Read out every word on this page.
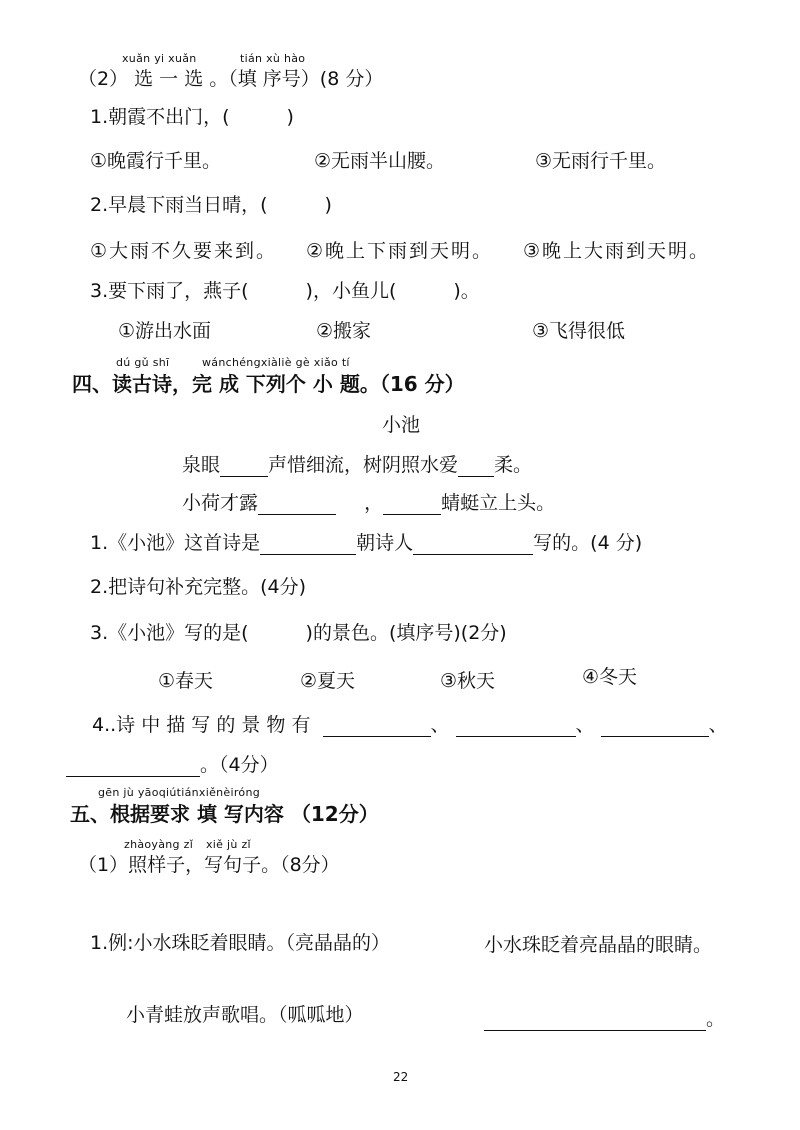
xuǎn yi xuǎn	tián xù hào
（2） 选 一 选 。（填 序号）(8 分）
1.朝霞不出门，(　　　)
①晚霞行千里。	②无雨半山腰。	③无雨行千里。
2.早晨下雨当日晴，(　　　)
①大雨不久要来到。 ②晚上下雨到天明。 ③晚上大雨到天明。
3.要下雨了，燕子(　　　)，小鱼儿(　　　)。
①游出水面	②搬家	③飞得很低
dú gǔ shī	wánchéngxiàliè gè xiǎo tí
四、读古诗，完 成 下列个 小 题。（16 分）
小池
泉眼	声惜细流，树阴照水爱 柔。
小荷才露	，	蜻蜓立上头。
1.《小池》这首诗是	朝诗人	写的。(4 分)
2.把诗句补充完整。(4分)
3.《小池》写的是(　　　)的景色。(填序号)(2分)
①春天	②夏天	③秋天	④冬天
4..诗 中 描 写 的 景 物 有	、	、	、
。（4分）
gēn jù yāoqiútiánxiěnèiróng
五、根据要求 填 写内容 （12分）
zhàoyàng zǐ xiě jù zǐ
（1）照样子，写句子。（8分）
1.例:小水珠眨着眼睛。（亮晶晶的）	小水珠眨着亮晶晶的眼睛。
小青蛙放声歌唱。（呱呱地）	。
22
